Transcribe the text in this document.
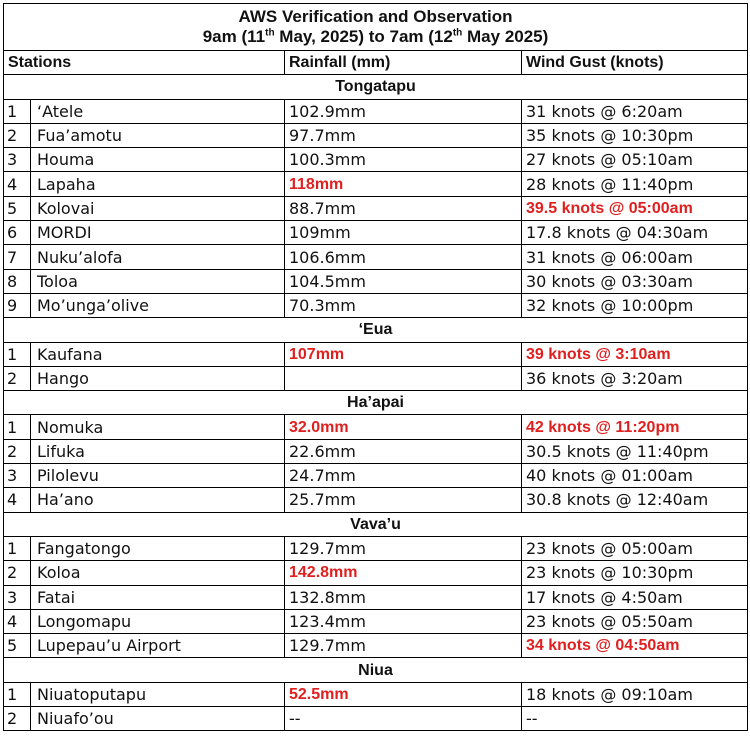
AWS Verification and Observation
9am (11th May, 2025) to 7am (12th May 2025)			

Stations		Rainfall (mm)	Wind Gust (knots)
Tongatapu			
1	‘Atele	102.9mm	31 knots @ 6:20am
2	Fua’amotu	97.7mm	35 knots @ 10:30pm
3	Houma	100.3mm	27 knots @ 05:10am
4	Lapaha	118mm	28 knots @ 11:40pm
5	Kolovai	88.7mm	39.5 knots @ 05:00am
6	MORDI	109mm	17.8 knots @ 04:30am
7	Nuku’alofa	106.6mm	31 knots @ 06:00am
8	Toloa	104.5mm	30 knots @ 03:30am
9	Mo’unga’olive	70.3mm	32 knots @ 10:00pm
‘Eua			
1	Kaufana	107mm	39 knots @ 3:10am
2	Hango		36 knots @ 3:20am
Ha’apai			
1	Nomuka	32.0mm	42 knots @ 11:20pm
2	Lifuka	22.6mm	30.5 knots @ 11:40pm
3	Pilolevu	24.7mm	40 knots @ 01:00am
4	Ha’ano	25.7mm	30.8 knots @ 12:40am
Vava’u			
1	Fangatongo	129.7mm	23 knots @ 05:00am
2	Koloa	142.8mm	23 knots @ 10:30pm
3	Fatai	132.8mm	17 knots @ 4:50am
4	Longomapu	123.4mm	23 knots @ 05:50am
5	Lupepau’u Airport	129.7mm	34 knots @ 04:50am
Niua			
1	Niuatoputapu	52.5mm	18 knots @ 09:10am
2	Niuafo’ou	--	--
